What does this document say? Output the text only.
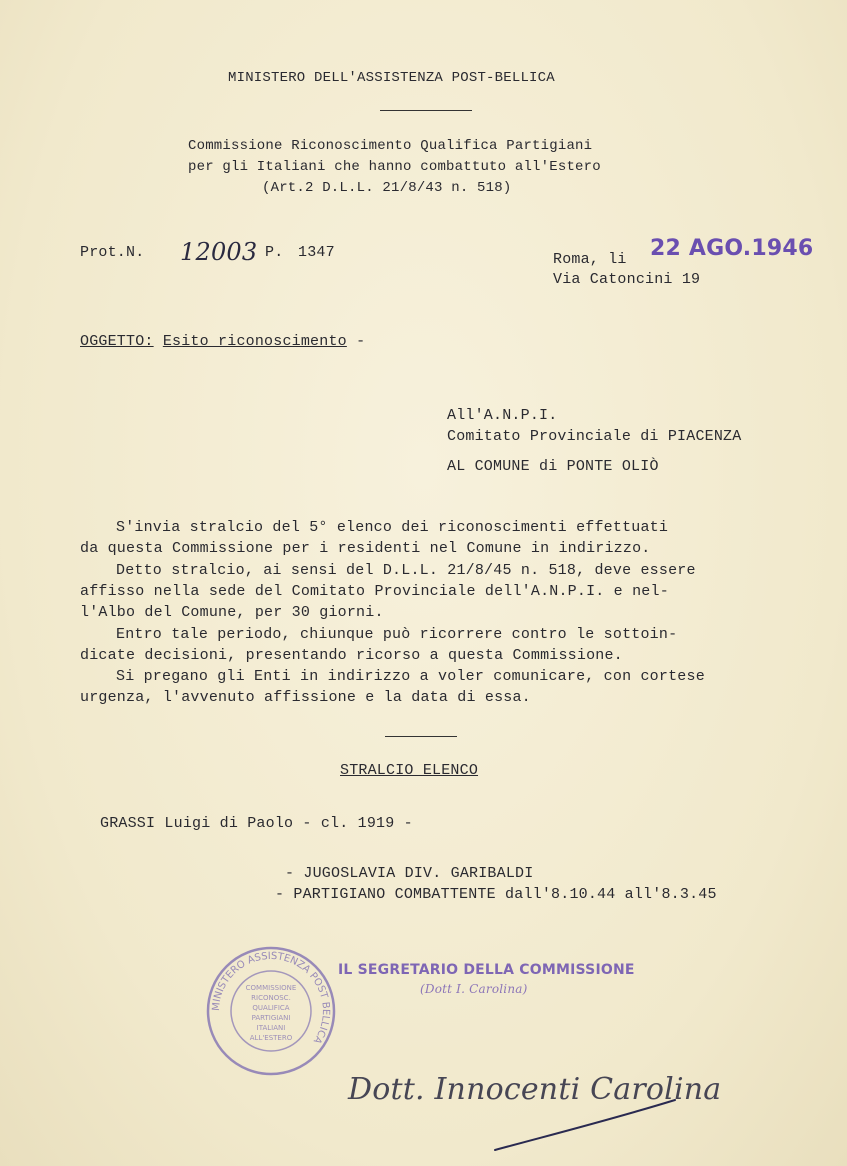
MINISTERO DELL'ASSISTENZA POST-BELLICA
Commissione Riconoscimento Qualifica Partigiani
per gli Italiani che hanno combattuto all'Estero
(Art.2 D.L.L. 21/8/43 n. 518)
Prot.N. 12003 P. 1347	Roma, li 22 AGO.1946
Via Catoncini 19
OGGETTO: Esito riconoscimento -
All'A.N.P.I.
Comitato Provinciale di PIACENZA
AL COMUNE di PONTE OLIÒ
S'invia stralcio del 5° elenco dei riconoscimenti effettuati
da questa Commissione per i residenti nel Comune in indirizzo.
Detto stralcio, ai sensi del D.L.L. 21/8/45 n. 518, deve essere
affisso nella sede del Comitato Provinciale dell'A.N.P.I. e nel-
l'Albo del Comune, per 30 giorni.
Entro tale periodo, chiunque può ricorrere contro le sottoin-
dicate decisioni, presentando ricorso a questa Commissione.
Si pregano gli Enti in indirizzo a voler comunicare, con cortese
urgenza, l'avvenuto affissione e la data di essa.
STRALCIO ELENCO
GRASSI Luigi di Paolo - cl. 1919 -
- JUGOSLAVIA DIV. GARIBALDI
- PARTIGIANO COMBATTENTE dall'8.10.44 all'8.3.45
MINISTERO ASSISTENZA POST BELLICA
COMMISSIONE
RICONOSC.
QUALIFICA
PARTIGIANI
ITALIANI
ALL'ESTERO
IL SEGRETARIO DELLA COMMISSIONE
(Dott I. Carolina)
Dott. Innocenti Carolina
